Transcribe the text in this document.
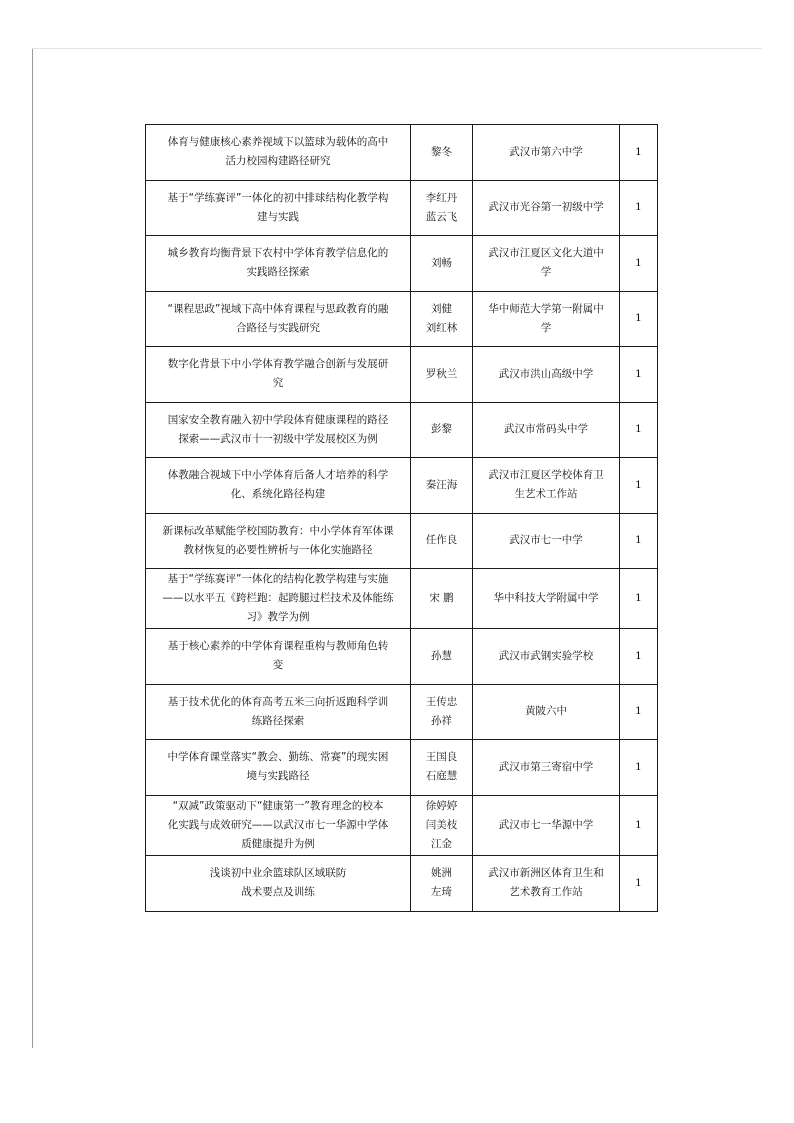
体育与健康核心素养视域下以篮球为载体的高中
活力校园构建路径研究	黎冬	武汉市第六中学	1

基于“学练赛评”一体化的初中排球结构化教学构
建与实践	李红丹
蓝云飞	武汉市光谷第一初级中学	1

城乡教育均衡背景下农村中学体育教学信息化的
实践路径探索	刘畅	武汉市江夏区文化大道中
学	1

“课程思政”视域下高中体育课程与思政教育的融
合路径与实践研究	刘健
刘红林	华中师范大学第一附属中
学	1

数字化背景下中小学体育教学融合创新与发展研
究	罗秋兰	武汉市洪山高级中学	1

国家安全教育融入初中学段体育健康课程的路径
探索——武汉市十一初级中学发展校区为例	彭黎	武汉市常码头中学	1

体教融合视域下中小学体育后备人才培养的科学
化、系统化路径构建	秦汪海	武汉市江夏区学校体育卫
生艺术工作站	1

新课标改革赋能学校国防教育：中小学体育军体课
教材恢复的必要性辨析与一体化实施路径	任作良	武汉市七一中学	1

基于“学练赛评”一体化的结构化教学构建与实施
——以水平五《跨栏跑：起跨腿过栏技术及体能练
习》教学为例	宋 鹏	华中科技大学附属中学	1

基于核心素养的中学体育课程重构与教师角色转
变	孙慧	武汉市武钢实验学校	1

基于技术优化的体育高考五米三向折返跑科学训
练路径探索	王传忠
孙祥	黄陂六中	1

中学体育课堂落实“教会、勤练、常赛”的现实困
境与实践路径	王国良
石庭慧	武汉市第三寄宿中学	1

“双减”政策驱动下“健康第一”教育理念的校本
化实践与成效研究——以武汉市七一华源中学体
质健康提升为例	徐婷婷
闫美枝
江金	武汉市七一华源中学	1

浅谈初中业余篮球队区域联防
战术要点及训练	姚洲
左琦	武汉市新洲区体育卫生和
艺术教育工作站	1
